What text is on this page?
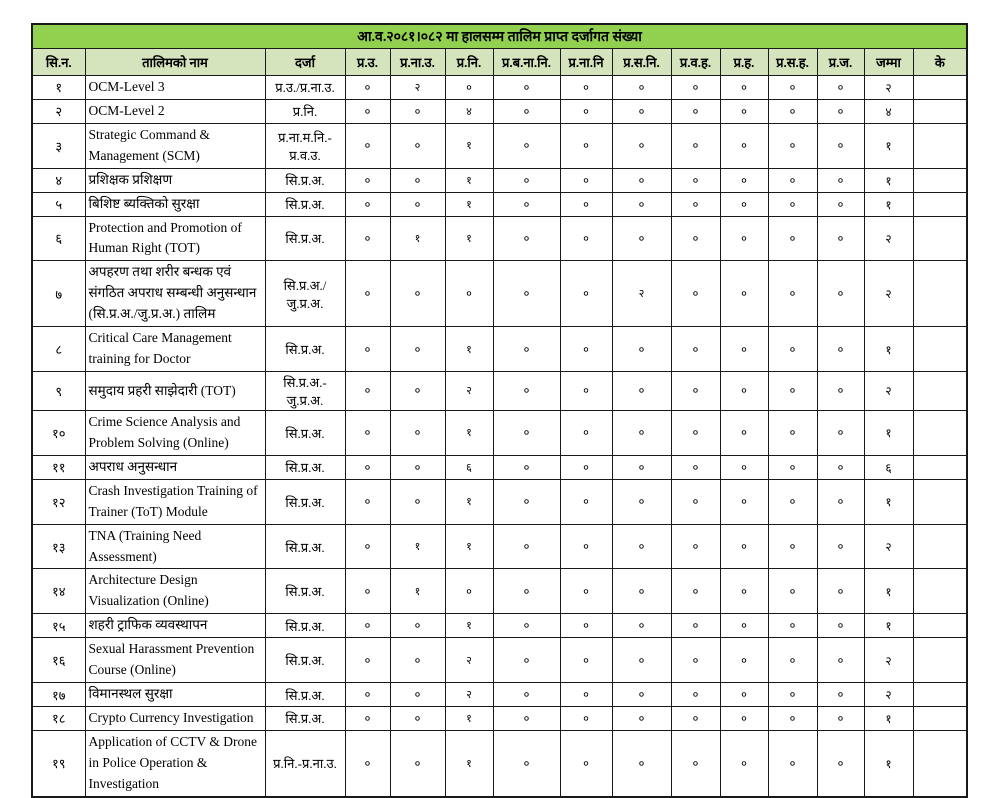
आ.व.२०८१।०८२ मा हालसम्म तालिम प्राप्त दर्जागत संख्या														
सि.न.	तालिमको नाम	दर्जा	प्र.उ.	प्र.ना.उ.	प्र.नि.	प्र.ब.ना.नि.	प्र.ना.नि	प्र.स.नि.	प्र.व.ह.	प्र.ह.	प्र.स.ह.	प्र.ज.	जम्मा	के
१	OCM-Level 3	प्र.उ./प्र.ना.उ.	०	२	०	०	०	०	०	०	०	०	२	
२	OCM-Level 2	प्र.नि.	०	०	४	०	०	०	०	०	०	०	४	
३	Strategic Command & Management (SCM)	प्र.ना.म.नि.-प्र.व.उ.	०	०	१	०	०	०	०	०	०	०	१	
४	प्रशिक्षक प्रशिक्षण	सि.प्र.अ.	०	०	१	०	०	०	०	०	०	०	१	
५	बिशिष्ट ब्यक्तिको सुरक्षा	सि.प्र.अ.	०	०	१	०	०	०	०	०	०	०	१	
६	Protection and Promotion of Human Right (TOT)	सि.प्र.अ.	०	१	१	०	०	०	०	०	०	०	२	
७	अपहरण तथा शरीर बन्धक एवं संगठित अपराध सम्बन्धी अनुसन्धान (सि.प्र.अ./जु.प्र.अ.) तालिम	सि.प्र.अ./जु.प्र.अ.	०	०	०	०	०	२	०	०	०	०	२	
८	Critical Care Management training for Doctor	सि.प्र.अ.	०	०	१	०	०	०	०	०	०	०	१	
९	समुदाय प्रहरी साझेदारी (TOT)	सि.प्र.अ.-जु.प्र.अ.	०	०	२	०	०	०	०	०	०	०	२	
१०	Crime Science Analysis and Problem Solving (Online)	सि.प्र.अ.	०	०	१	०	०	०	०	०	०	०	१	
११	अपराध अनुसन्धान	सि.प्र.अ.	०	०	६	०	०	०	०	०	०	०	६	
१२	Crash Investigation Training of Trainer (ToT) Module	सि.प्र.अ.	०	०	१	०	०	०	०	०	०	०	१	
१३	TNA (Training Need Assessment)	सि.प्र.अ.	०	१	१	०	०	०	०	०	०	०	२	
१४	Architecture Design Visualization (Online)	सि.प्र.अ.	०	१	०	०	०	०	०	०	०	०	१	
१५	शहरी ट्राफिक व्यवस्थापन	सि.प्र.अ.	०	०	१	०	०	०	०	०	०	०	१	
१६	Sexual Harassment Prevention Course (Online)	सि.प्र.अ.	०	०	२	०	०	०	०	०	०	०	२	
१७	विमानस्थल सुरक्षा	सि.प्र.अ.	०	०	२	०	०	०	०	०	०	०	२	
१८	Crypto Currency Investigation	सि.प्र.अ.	०	०	१	०	०	०	०	०	०	०	१	
१९	Application of CCTV & Drone in Police Operation & Investigation	प्र.नि.-प्र.ना.उ.	०	०	१	०	०	०	०	०	०	०	१	
